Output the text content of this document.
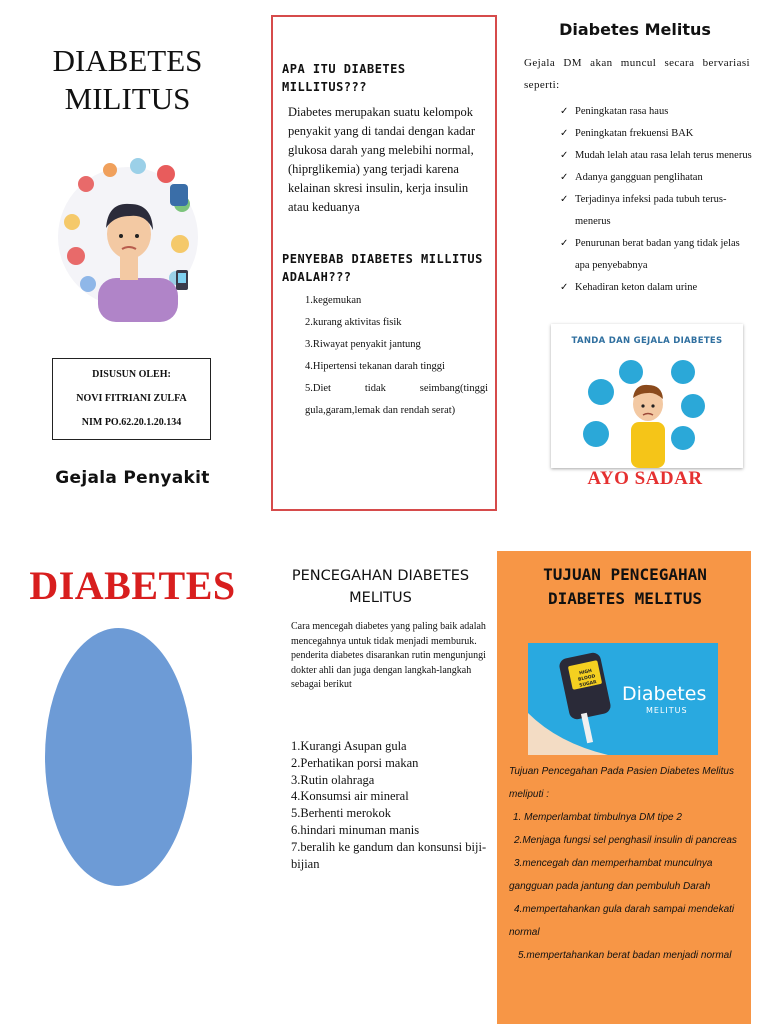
DIABETES
MILITUS
DISUSUN OLEH:
NOVI FITRIANI ZULFA
NIM PO.62.20.1.20.134
Gejala Penyakit
APA ITU DIABETES MILLITUS???
Diabetes merupakan suatu kelompok penyakit yang di tandai dengan kadar glukosa darah yang melebihi normal, (hiprglikemia) yang terjadi karena kelainan skresi insulin, kerja insulin atau keduanya
PENYEBAB DIABETES MILLITUS ADALAH???
1.kegemukan
2.kurang aktivitas fisik
3.Riwayat penyakit jantung
4.Hipertensi tekanan darah tinggi
5.Diet tidak seimbang(tinggi gula,garam,lemak dan rendah serat)
Diabetes Melitus
Gejala DM akan muncul secara bervariasi seperti:
✓ Peningkatan rasa haus
✓ Peningkatan frekuensi BAK
✓ Mudah lelah atau rasa lelah terus menerus
✓ Adanya gangguan penglihatan
✓ Terjadinya infeksi pada tubuh terus-menerus
✓ Penurunan berat badan yang tidak jelas apa penyebabnya
✓ Kehadiran keton dalam urine
TANDA DAN GEJALA DIABETES
AYO SADAR
DIABETES	PENCEGAHAN DIABETES MELITUS
Cara mencegah diabetes yang paling baik adalah mencegahnya untuk tidak menjadi memburuk. penderita diabetes disarankan rutin mengunjungi dokter ahli dan juga dengan langkah-langkah sebagai berikut
1.Kurangi Asupan gula
2.Perhatikan porsi makan
3.Rutin olahraga
4.Konsumsi air mineral
5.Berhenti merokok
6.hindari minuman manis
7.beralih ke gandum dan konsunsi biji-bijian
TUJUAN PENCEGAHAN DIABETES MELITUS
HIGH BLOOD SUGAR	Diabetes
MELITUS
Tujuan Pencegahan Pada Pasien Diabetes Melitus meliputi :
1. Memperlambat timbulnya DM tipe 2
2.Menjaga fungsi sel penghasil insulin di pancreas
3.mencegah dan memperhambat munculnya gangguan pada jantung dan pembuluh Darah
4.mempertahankan gula darah sampai mendekati normal
5.mempertahankan berat badan menjadi normal
